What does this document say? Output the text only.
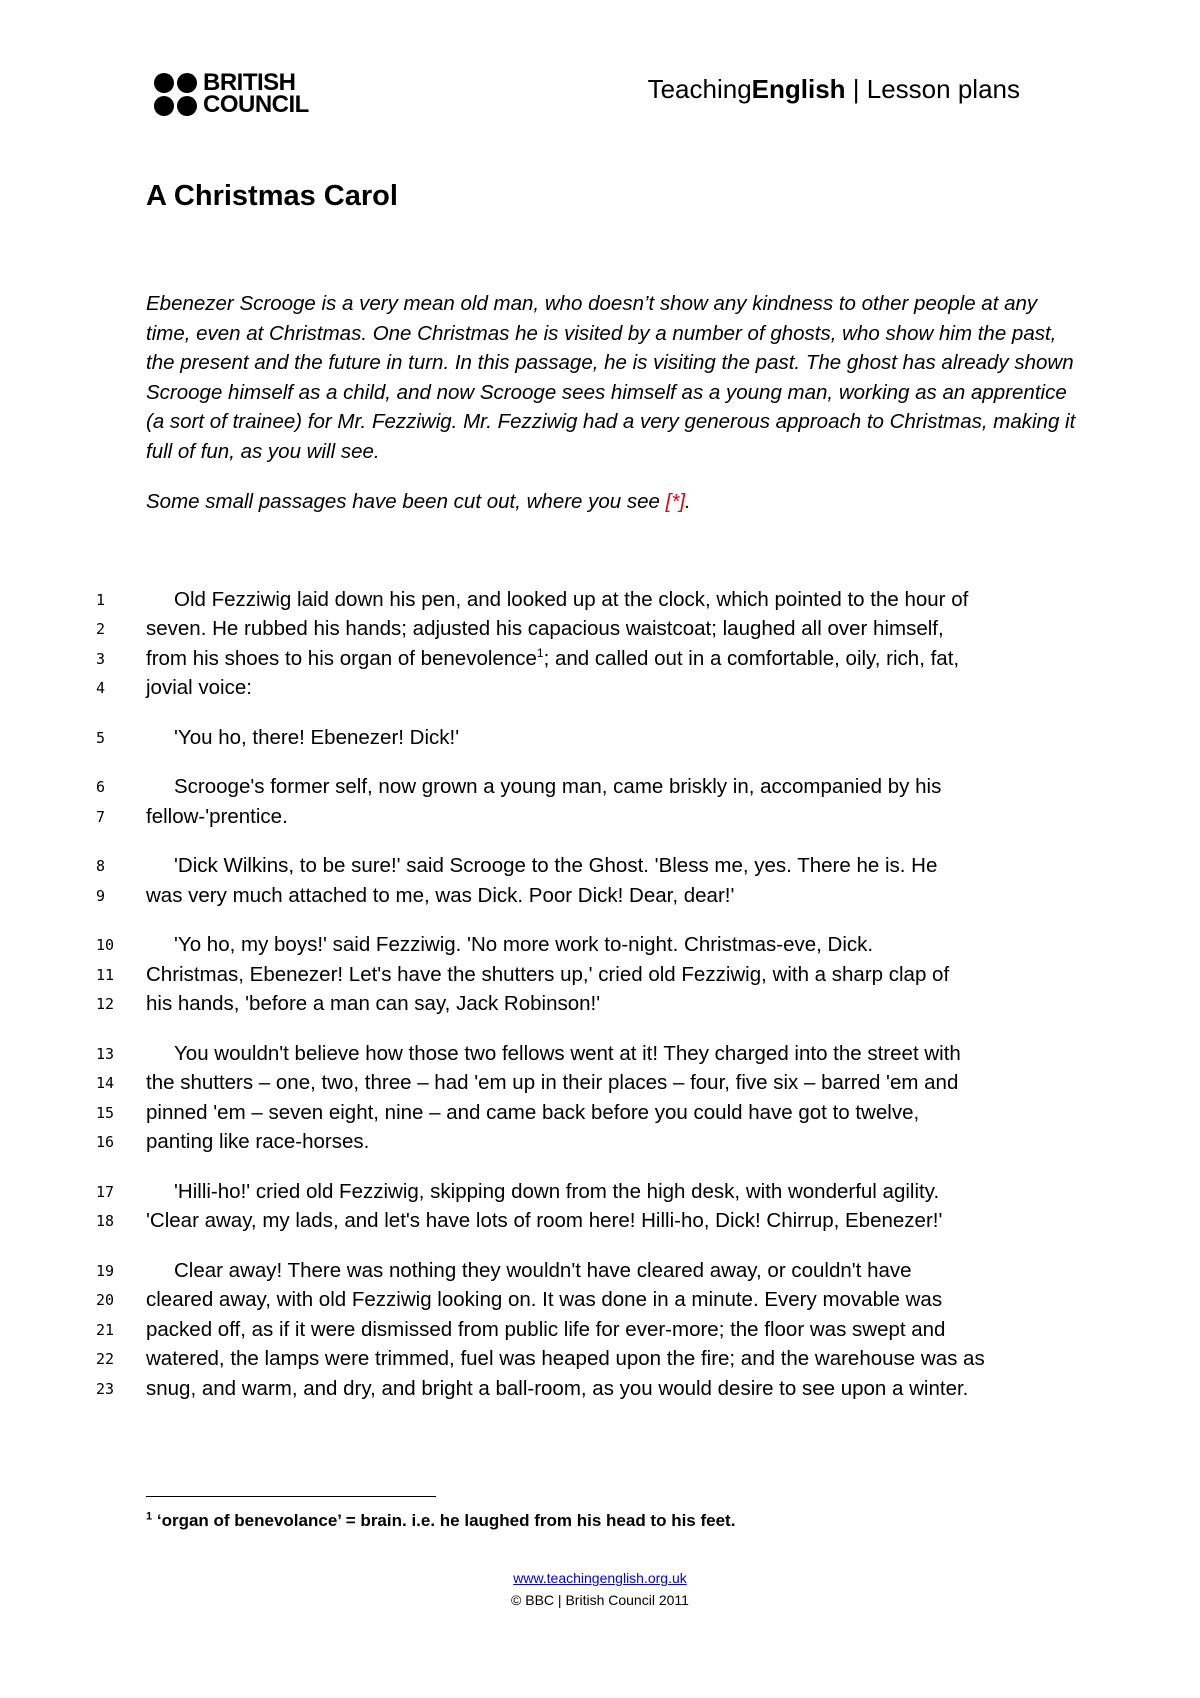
BRITISH
COUNCIL
TeachingEnglish | Lesson plans
A Christmas Carol

Ebenezer Scrooge is a very mean old man, who doesn’t show any kindness to other people at any time, even at Christmas. One Christmas he is visited by a number of ghosts, who show him the past, the present and the future in turn. In this passage, he is visiting the past. The ghost has already shown Scrooge himself as a child, and now Scrooge sees himself as a young man, working as an apprentice (a sort of trainee) for Mr. Fezziwig. Mr. Fezziwig had a very generous approach to Christmas, making it full of fun, as you will see.

Some small passages have been cut out, where you see [*].

1	Old Fezziwig laid down his pen, and looked up at the clock, which pointed to the hour of
2	seven. He rubbed his hands; adjusted his capacious waistcoat; laughed all over himself,
3	from his shoes to his organ of benevolence$^1$; and called out in a comfortable, oily, rich, fat,
4	jovial voice:
5	'You ho, there! Ebenezer! Dick!'
6	Scrooge's former self, now grown a young man, came briskly in, accompanied by his
7	fellow-'prentice.
8	'Dick Wilkins, to be sure!' said Scrooge to the Ghost. 'Bless me, yes. There he is. He
9	was very much attached to me, was Dick. Poor Dick! Dear, dear!'
10	'Yo ho, my boys!' said Fezziwig. 'No more work to-night. Christmas-eve, Dick.
11	Christmas, Ebenezer! Let's have the shutters up,' cried old Fezziwig, with a sharp clap of
12	his hands, 'before a man can say, Jack Robinson!'
13	You wouldn't believe how those two fellows went at it! They charged into the street with
14	the shutters – one, two, three – had 'em up in their places – four, five six – barred 'em and
15	pinned 'em – seven eight, nine – and came back before you could have got to twelve,
16	panting like race-horses.
17	'Hilli-ho!' cried old Fezziwig, skipping down from the high desk, with wonderful agility.
18	'Clear away, my lads, and let's have lots of room here! Hilli-ho, Dick! Chirrup, Ebenezer!'
19	Clear away! There was nothing they wouldn't have cleared away, or couldn't have
20	cleared away, with old Fezziwig looking on. It was done in a minute. Every movable was
21	packed off, as if it were dismissed from public life for ever-more; the floor was swept and
22	watered, the lamps were trimmed, fuel was heaped upon the fire; and the warehouse was as
23	snug, and warm, and dry, and bright a ball-room, as you would desire to see upon a winter.
$^1$ ‘organ of benevolance’ = brain. i.e. he laughed from his head to his feet.
www.teachingenglish.org.uk
© BBC | British Council 2011
